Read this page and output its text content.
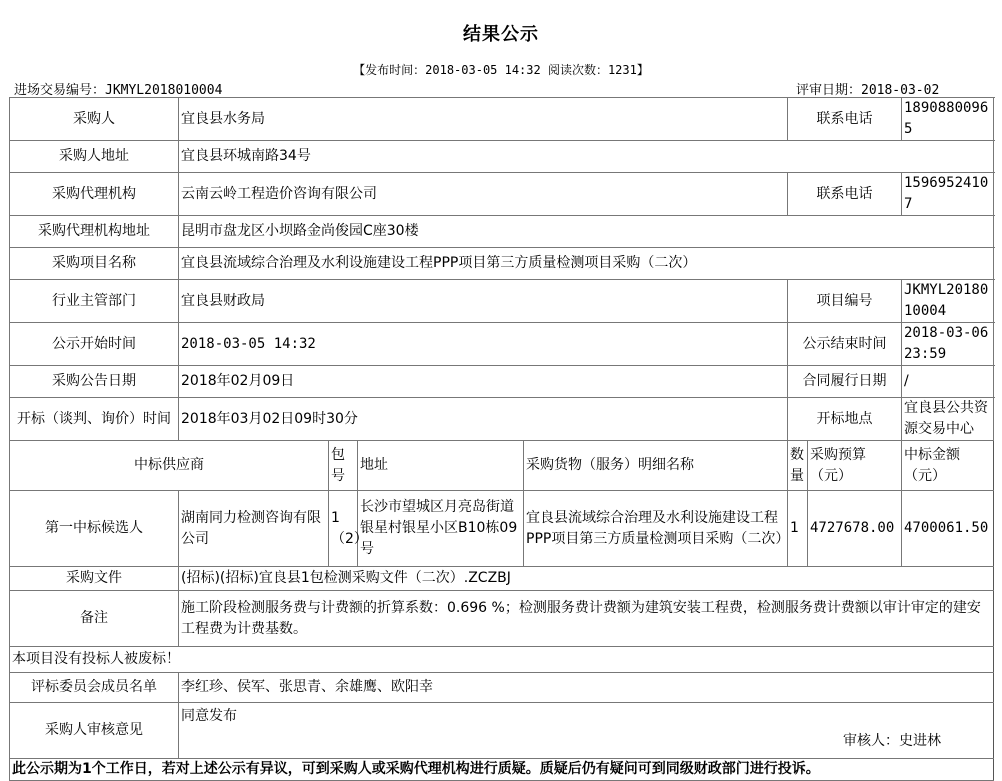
结果公示
【发布时间：2018-03-05 14:32 阅读次数：1231】
进场交易编号：JKMYL2018010004	评审日期：2018-03-02
采购人	宜良县水务局				联系电话		18908800965
采购人地址	宜良县环城南路34号						
采购代理机构	云南云岭工程造价咨询有限公司				联系电话		15969524107
采购代理机构地址	昆明市盘龙区小坝路金尚俊园C座30楼						
采购项目名称	宜良县流域综合治理及水利设施建设工程PPP项目第三方质量检测项目采购（二次）						
行业主管部门	宜良县财政局				项目编号		JKMYL2018010004
公示开始时间	2018-03-05 14:32				公示结束时间		2018-03-06 23:59
采购公告日期	2018年02月09日				合同履行日期		/
开标（谈判、询价）时间	2018年03月02日09时30分				开标地点		宜良县公共资源交易中心
中标供应商		包号	地址	采购货物（服务）明细名称	数量	采购预算（元）	中标金额（元）
第一中标候选人	湖南同力检测咨询有限公司	1（2）	长沙市望城区月亮岛街道银星村银星小区B10栋09号	宜良县流域综合治理及水利设施建设工程PPP项目第三方质量检测项目采购（二次）	1	4727678.00	4700061.50
采购文件	(招标)(招标)宜良县1包检测采购文件（二次）.ZCZBJ						
备注	施工阶段检测服务费与计费额的折算系数：0.696 %；检测服务费计费额为建筑安装工程费，检测服务费计费额以审计审定的建安工程费为计费基数。						
本项目没有投标人被废标！							
评标委员会成员名单	李红珍、侯军、张思青、余雄鹰、欧阳幸						
采购人审核意见	同意发布
审核人：史进林						

此公示期为1个工作日，若对上述公示有异议，可到采购人或采购代理机构进行质疑。质疑后仍有疑问可到同级财政部门进行投诉。							
